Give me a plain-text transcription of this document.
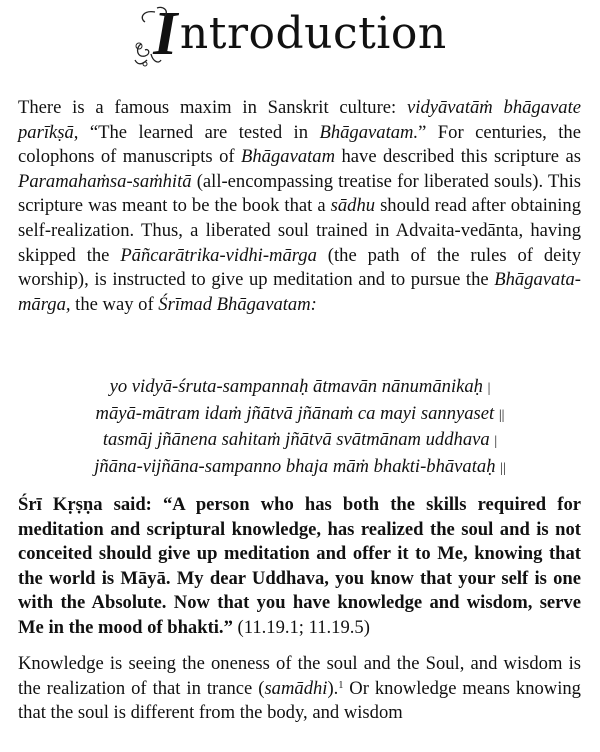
I ntroduction
There is a famous maxim in Sanskrit culture: vidyāvatāṁ bhāgavate parīkṣā, “The learned are tested in Bhāgavatam.” For centuries, the colophons of manuscripts of Bhāgavatam have described this scripture as Paramahaṁsa-saṁhitā (all-encompassing treatise for liberated souls). This scripture was meant to be the book that a sādhu should read after obtaining self-realization. Thus, a liberated soul trained in Advaita-vedānta, having skipped the Pāñcarātrika-vidhi-mārga (the path of the rules of deity worship), is instructed to give up meditation and to pursue the Bhāgavata-mārga, the way of Śrīmad Bhāgavatam:
yo vidyā-śruta-sampannaḥ ātmavān nānumānikaḥ |
māyā-mātram idaṁ jñātvā jñānaṁ ca mayi sannyaset ||
tasmāj jñānena sahitaṁ jñātvā svātmānam uddhava |
jñāna-vijñāna-sampanno bhaja māṁ bhakti-bhāvataḥ ||
Śrī Kṛṣṇa said: “A person who has both the skills required for meditation and scriptural knowledge, has realized the soul and is not conceited should give up meditation and offer it to Me, knowing that the world is Māyā. My dear Uddhava, you know that your self is one with the Absolute. Now that you have knowledge and wisdom, serve Me in the mood of bhakti.” (11.19.1; 11.19.5)
Knowledge is seeing the oneness of the soul and the Soul, and wisdom is the realization of that in trance (samādhi).$^1$ Or knowledge means knowing that the soul is different from the body, and wisdom
